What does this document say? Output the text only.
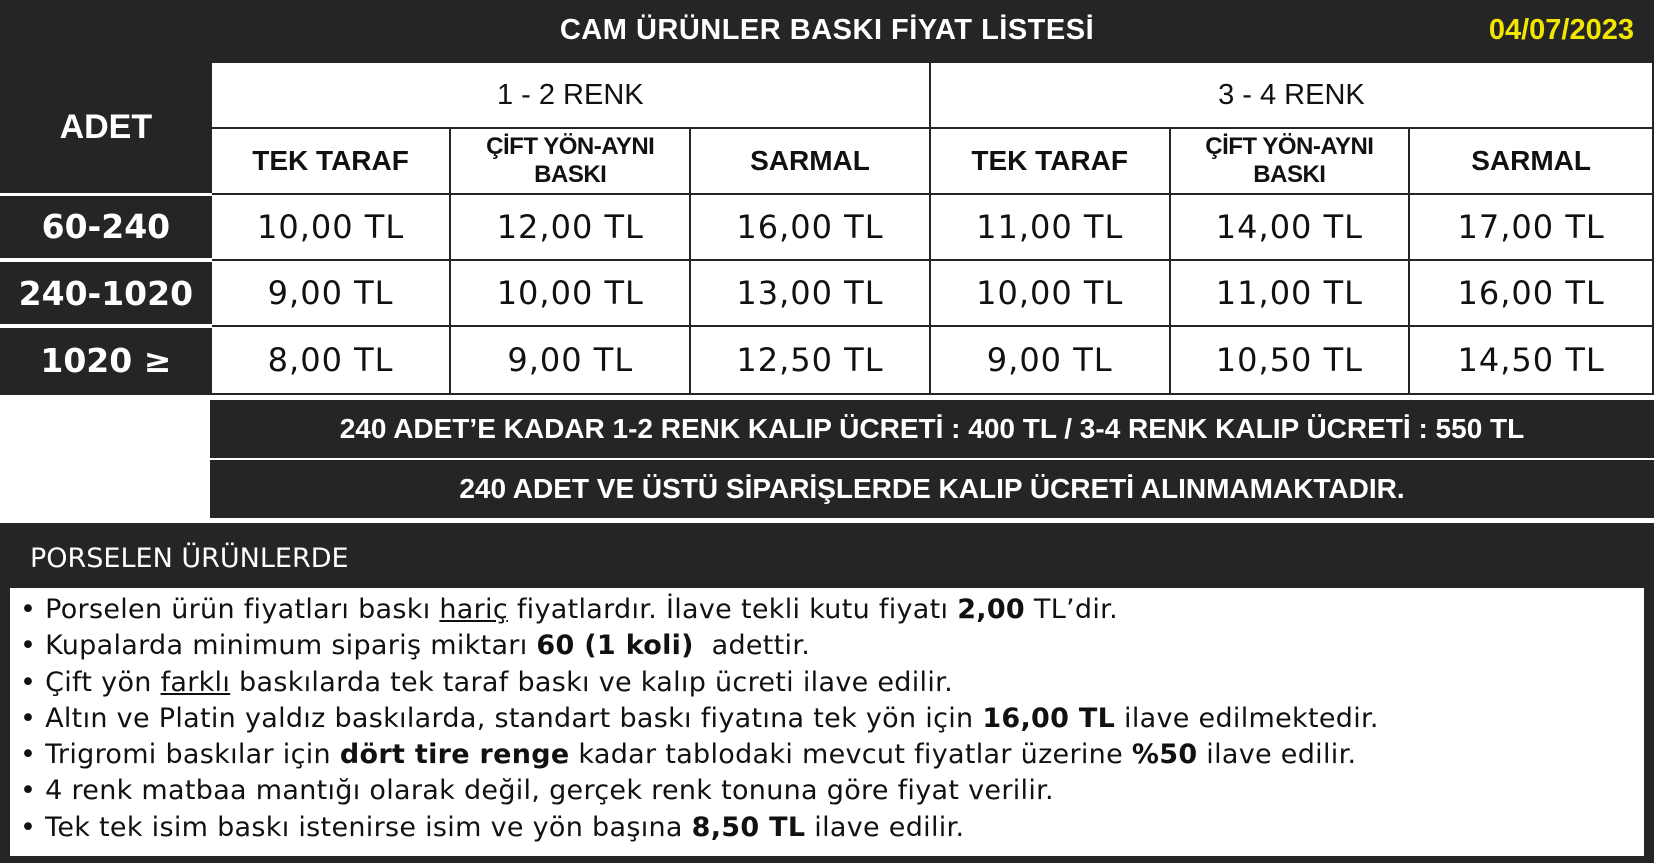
CAM ÜRÜNLER BASKI FİYAT LİSTESİ	04/07/2023
ADET	1 - 2 RENK			3 - 4 RENK		
	TEK TARAF	ÇİFT YÖN-AYNI BASKI	SARMAL	TEK TARAF	ÇİFT YÖN-AYNI BASKI	SARMAL
60-240	10,00 TL	12,00 TL	16,00 TL	11,00 TL	14,00 TL	17,00 TL
240-1020	9,00 TL	10,00 TL	13,00 TL	10,00 TL	11,00 TL	16,00 TL
1020 ≥	8,00 TL	9,00 TL	12,50 TL	9,00 TL	10,50 TL	14,50 TL
240 ADET’E KADAR 1-2 RENK KALIP ÜCRETİ : 400 TL / 3-4 RENK KALIP ÜCRETİ : 550 TL
240 ADET VE ÜSTÜ SİPARİŞLERDE KALIP ÜCRETİ ALINMAMAKTADIR.
PORSELEN ÜRÜNLERDE
• Porselen ürün fiyatları baskı hariç fiyatlardır. İlave tekli kutu fiyatı 2,00 TL’dir.
• Kupalarda minimum sipariş miktarı 60 (1 koli)  adettir.
• Çift yön farklı baskılarda tek taraf baskı ve kalıp ücreti ilave edilir.
• Altın ve Platin yaldız baskılarda, standart baskı fiyatına tek yön için 16,00 TL ilave edilmektedir.
• Trigromi baskılar için dört tire renge kadar tablodaki mevcut fiyatlar üzerine %50 ilave edilir.
• 4 renk matbaa mantığı olarak değil, gerçek renk tonuna göre fiyat verilir.
• Tek tek isim baskı istenirse isim ve yön başına 8,50 TL ilave edilir.
